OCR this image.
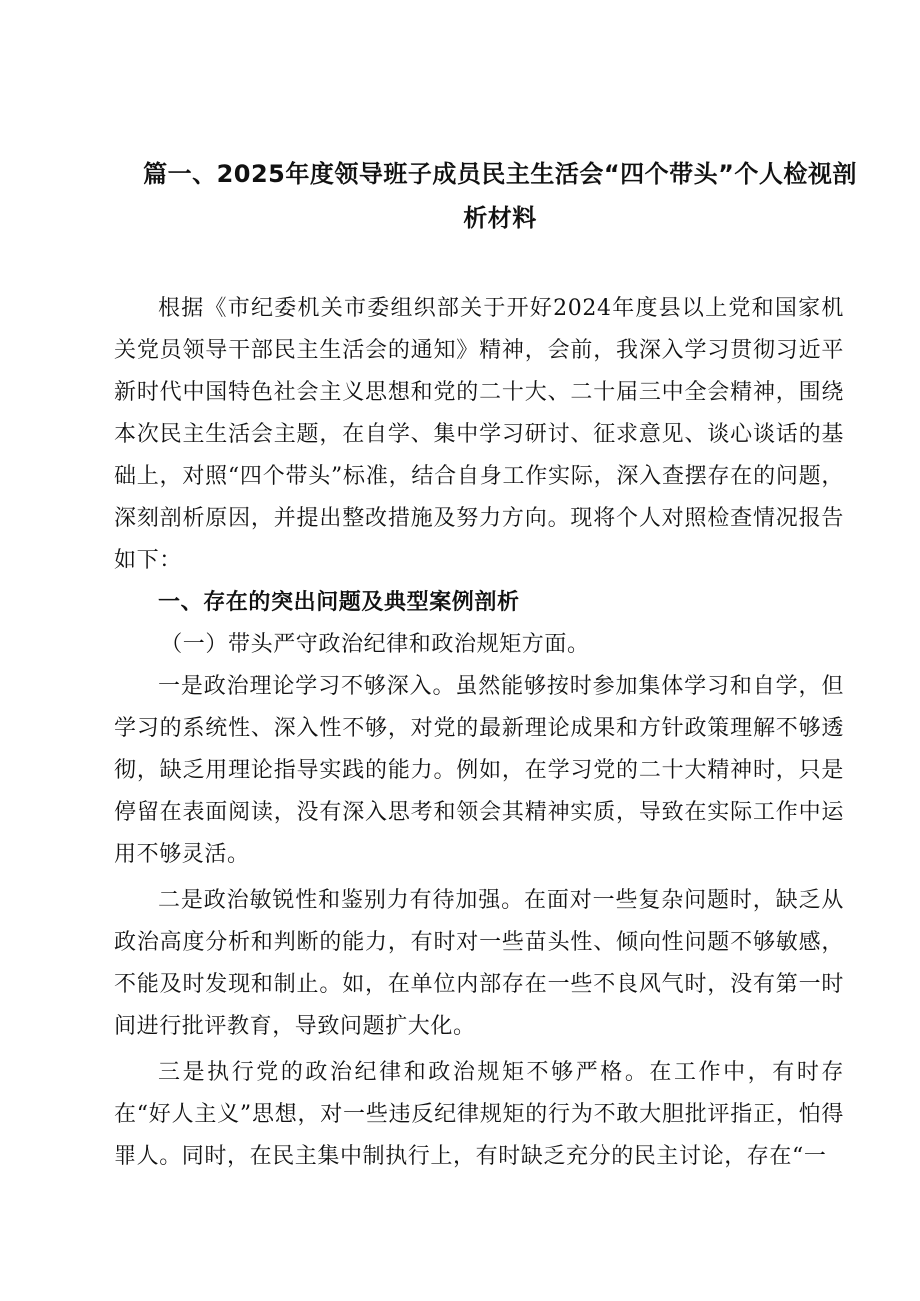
篇一、2025年度领导班子成员民主生活会“四个带头”个人检视剖
析材料

根据《市纪委机关市委组织部关于开好2024年度县以上党和国家机关党员领导干部民主生活会的通知》精神，会前，我深入学习贯彻习近平新时代中国特色社会主义思想和党的二十大、二十届三中全会精神，围绕本次民主生活会主题，在自学、集中学习研讨、征求意见、谈心谈话的基础上，对照“四个带头”标准，结合自身工作实际，深入查摆存在的问题，深刻剖析原因，并提出整改措施及努力方向。现将个人对照检查情况报告如下：

一、存在的突出问题及典型案例剖析

（一）带头严守政治纪律和政治规矩方面。

一是政治理论学习不够深入。虽然能够按时参加集体学习和自学，但学习的系统性、深入性不够，对党的最新理论成果和方针政策理解不够透彻，缺乏用理论指导实践的能力。例如，在学习党的二十大精神时，只是停留在表面阅读，没有深入思考和领会其精神实质，导致在实际工作中运用不够灵活。

二是政治敏锐性和鉴别力有待加强。在面对一些复杂问题时，缺乏从政治高度分析和判断的能力，有时对一些苗头性、倾向性问题不够敏感，不能及时发现和制止。如，在单位内部存在一些不良风气时，没有第一时间进行批评教育，导致问题扩大化。

三是执行党的政治纪律和政治规矩不够严格。在工作中，有时存在“好人主义”思想，对一些违反纪律规矩的行为不敢大胆批评指正，怕得罪人。同时，在民主集中制执行上，有时缺乏充分的民主讨论，存在“一
